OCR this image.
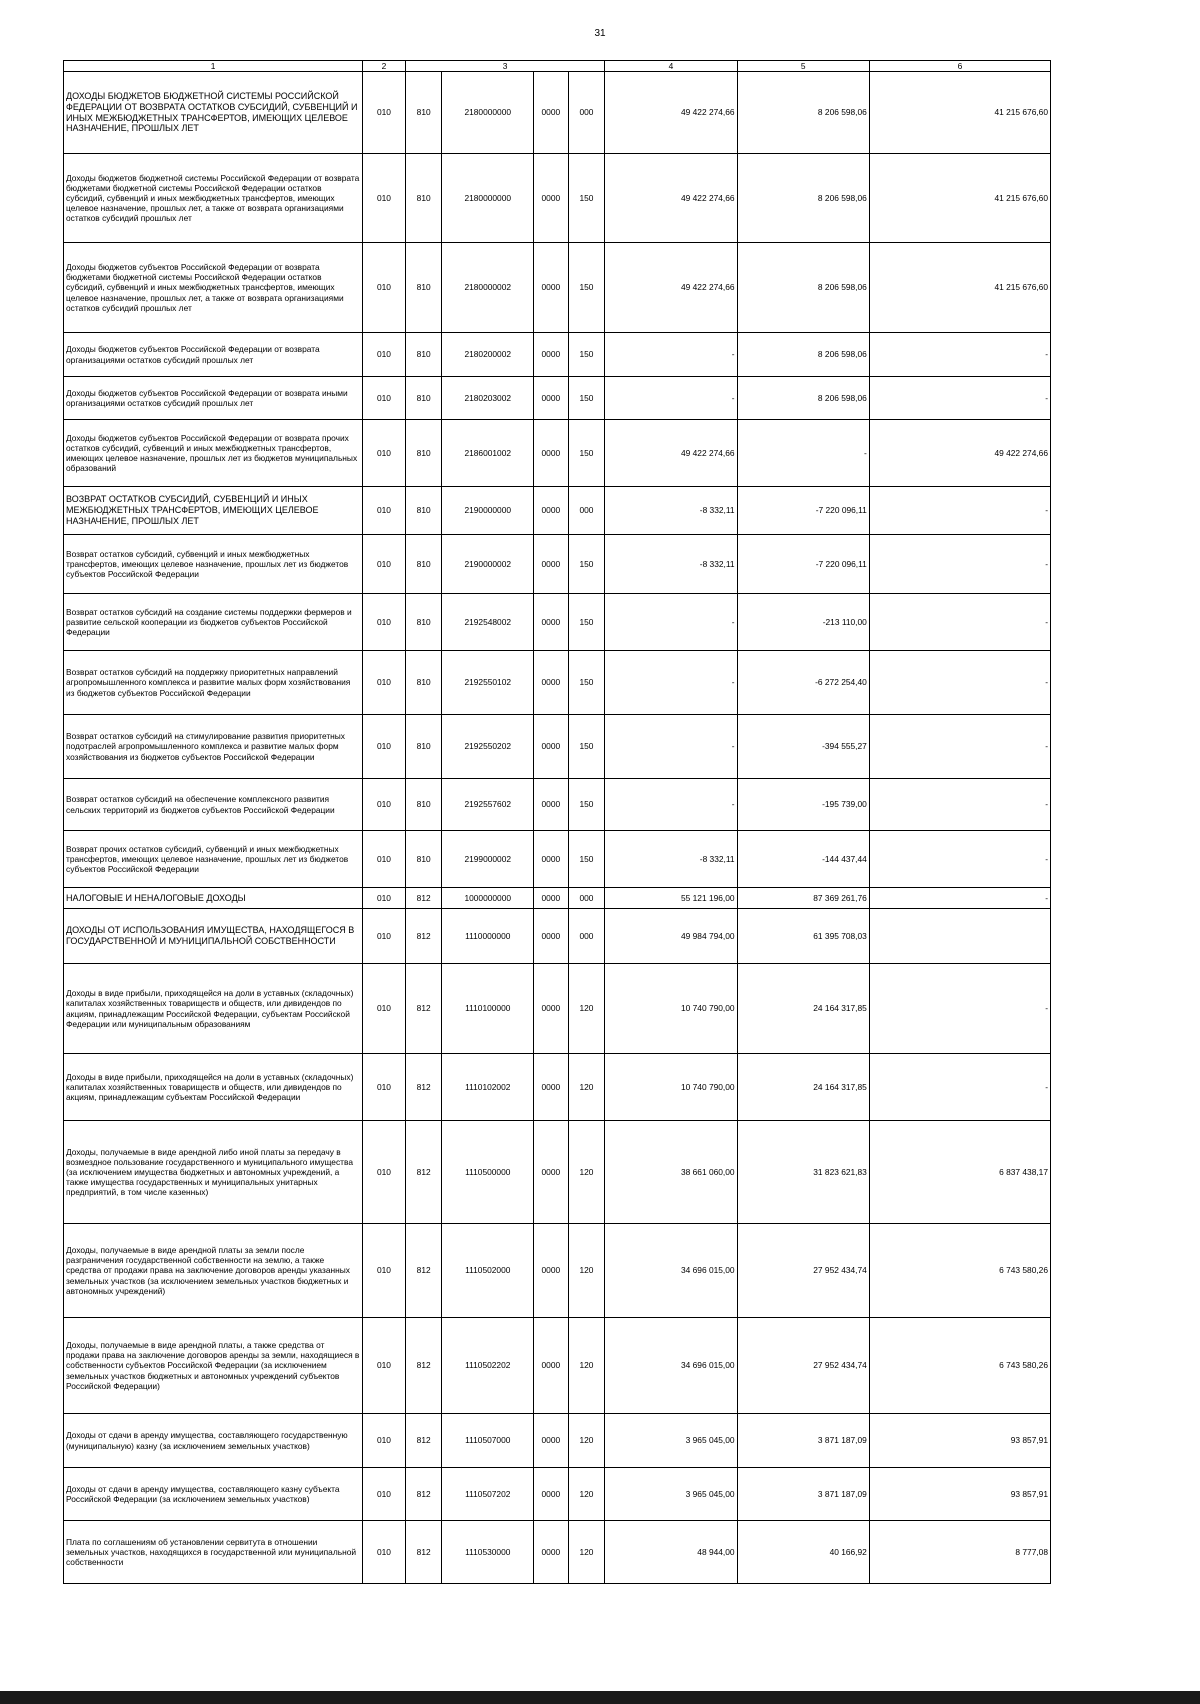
31
1	2	3				4	5	6
ДОХОДЫ БЮДЖЕТОВ БЮДЖЕТНОЙ СИСТЕМЫ РОССИЙСКОЙ ФЕДЕРАЦИИ ОТ ВОЗВРАТА ОСТАТКОВ СУБСИДИЙ, СУБВЕНЦИЙ И ИНЫХ МЕЖБЮДЖЕТНЫХ ТРАНСФЕРТОВ, ИМЕЮЩИХ ЦЕЛЕВОЕ НАЗНАЧЕНИЕ, ПРОШЛЫХ ЛЕТ	010	810	2180000000	0000	000	49 422 274,66	8 206 598,06	41 215 676,60
Доходы бюджетов бюджетной системы Российской Федерации от возврата бюджетами бюджетной системы Российской Федерации остатков субсидий, субвенций и иных межбюджетных трансфертов, имеющих целевое назначение, прошлых лет, а также от возврата организациями остатков субсидий прошлых лет	010	810	2180000000	0000	150	49 422 274,66	8 206 598,06	41 215 676,60
Доходы бюджетов субъектов Российской Федерации от возврата бюджетами бюджетной системы Российской Федерации остатков субсидий, субвенций и иных межбюджетных трансфертов, имеющих целевое назначение, прошлых лет, а также от возврата организациями остатков субсидий прошлых лет	010	810	2180000002	0000	150	49 422 274,66	8 206 598,06	41 215 676,60
Доходы бюджетов субъектов Российской Федерации от возврата организациями остатков субсидий прошлых лет	010	810	2180200002	0000	150	-	8 206 598,06	-
Доходы бюджетов субъектов Российской Федерации от возврата иными организациями остатков субсидий прошлых лет	010	810	2180203002	0000	150	-	8 206 598,06	-
Доходы бюджетов субъектов Российской Федерации от возврата прочих остатков субсидий, субвенций и иных межбюджетных трансфертов, имеющих целевое назначение, прошлых лет из бюджетов муниципальных образований	010	810	2186001002	0000	150	49 422 274,66	-	49 422 274,66
ВОЗВРАТ ОСТАТКОВ СУБСИДИЙ, СУБВЕНЦИЙ И ИНЫХ МЕЖБЮДЖЕТНЫХ ТРАНСФЕРТОВ, ИМЕЮЩИХ ЦЕЛЕВОЕ НАЗНАЧЕНИЕ, ПРОШЛЫХ ЛЕТ	010	810	2190000000	0000	000	-8 332,11	-7 220 096,11	-
Возврат остатков субсидий, субвенций и иных межбюджетных трансфертов, имеющих целевое назначение, прошлых лет из бюджетов субъектов Российской Федерации	010	810	2190000002	0000	150	-8 332,11	-7 220 096,11	-
Возврат остатков субсидий на создание системы поддержки фермеров и развитие сельской кооперации из бюджетов субъектов Российской Федерации	010	810	2192548002	0000	150	-	-213 110,00	-
Возврат остатков субсидий на поддержку приоритетных направлений агропромышленного комплекса и развитие малых форм хозяйствования из бюджетов субъектов Российской Федерации	010	810	2192550102	0000	150	-	-6 272 254,40	-
Возврат остатков субсидий на стимулирование развития приоритетных подотраслей агропромышленного комплекса и развитие малых форм хозяйствования из бюджетов субъектов Российской Федерации	010	810	2192550202	0000	150	-	-394 555,27	-
Возврат остатков субсидий на обеспечение комплексного развития сельских территорий из бюджетов субъектов Российской Федерации	010	810	2192557602	0000	150	-	-195 739,00	-
Возврат прочих остатков субсидий, субвенций и иных межбюджетных трансфертов, имеющих целевое назначение, прошлых лет из бюджетов субъектов Российской Федерации	010	810	2199000002	0000	150	-8 332,11	-144 437,44	-
НАЛОГОВЫЕ И НЕНАЛОГОВЫЕ ДОХОДЫ	010	812	1000000000	0000	000	55 121 196,00	87 369 261,76	-
ДОХОДЫ ОТ ИСПОЛЬЗОВАНИЯ ИМУЩЕСТВА, НАХОДЯЩЕГОСЯ В ГОСУДАРСТВЕННОЙ И МУНИЦИПАЛЬНОЙ СОБСТВЕННОСТИ	010	812	1110000000	0000	000	49 984 794,00	61 395 708,03	
Доходы в виде прибыли, приходящейся на доли в уставных (складочных) капиталах хозяйственных товариществ и обществ, или дивидендов по акциям, принадлежащим Российской Федерации, субъектам Российской Федерации или муниципальным образованиям	010	812	1110100000	0000	120	10 740 790,00	24 164 317,85	-
Доходы в виде прибыли, приходящейся на доли в уставных (складочных) капиталах хозяйственных товариществ и обществ, или дивидендов по акциям, принадлежащим субъектам Российской Федерации	010	812	1110102002	0000	120	10 740 790,00	24 164 317,85	-
Доходы, получаемые в виде арендной либо иной платы за передачу в возмездное пользование государственного и муниципального имущества (за исключением имущества бюджетных и автономных учреждений, а также имущества государственных и муниципальных унитарных предприятий, в том числе казенных)	010	812	1110500000	0000	120	38 661 060,00	31 823 621,83	6 837 438,17
Доходы, получаемые в виде арендной платы за земли после разграничения государственной собственности на землю, а также средства от продажи права на заключение договоров аренды указанных земельных участков (за исключением земельных участков бюджетных и автономных учреждений)	010	812	1110502000	0000	120	34 696 015,00	27 952 434,74	6 743 580,26
Доходы, получаемые в виде арендной платы, а также средства от продажи права на заключение договоров аренды за земли, находящиеся в собственности субъектов Российской Федерации (за исключением земельных участков бюджетных и автономных учреждений субъектов Российской Федерации)	010	812	1110502202	0000	120	34 696 015,00	27 952 434,74	6 743 580,26
Доходы от сдачи в аренду имущества, составляющего государственную (муниципальную) казну (за исключением земельных участков)	010	812	1110507000	0000	120	3 965 045,00	3 871 187,09	93 857,91
Доходы от сдачи в аренду имущества, составляющего казну субъекта Российской Федерации (за исключением земельных участков)	010	812	1110507202	0000	120	3 965 045,00	3 871 187,09	93 857,91
Плата по соглашениям об установлении сервитута в отношении земельных участков, находящихся в государственной или муниципальной собственности	010	812	1110530000	0000	120	48 944,00	40 166,92	8 777,08
